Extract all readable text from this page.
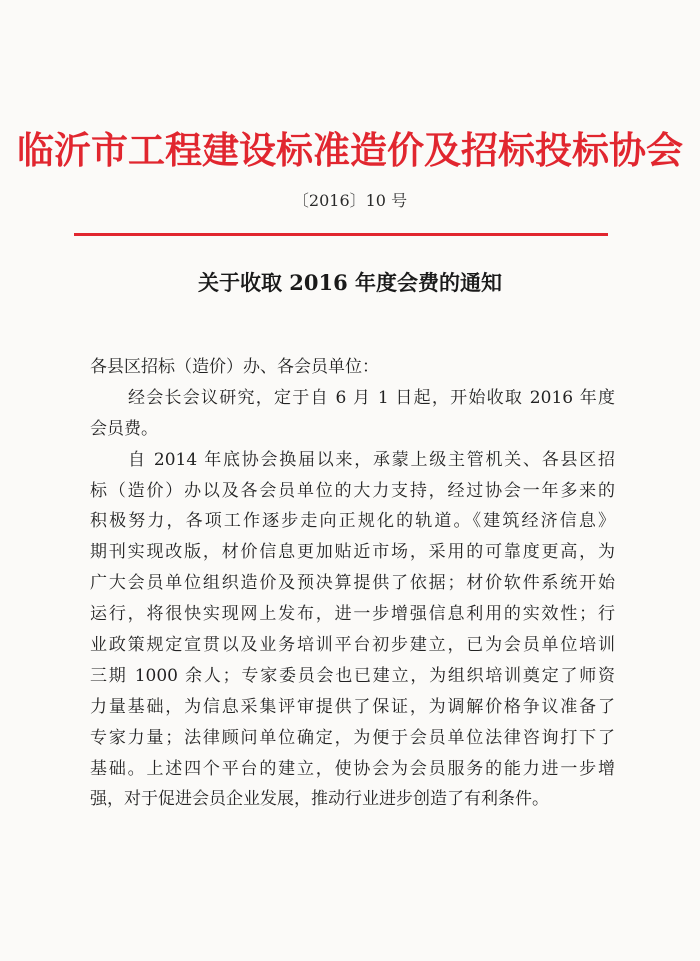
临沂市工程建设标准造价及招标投标协会
〔2016〕10 号
关于收取 2016 年度会费的通知
各县区招标（造价）办、各会员单位：
经会长会议研究，定于自 6 月 1 日起，开始收取 2016 年度
会员费。
自 2014 年底协会换届以来，承蒙上级主管机关、各县区招
标（造价）办以及各会员单位的大力支持，经过协会一年多来的
积极努力，各项工作逐步走向正规化的轨道。《建筑经济信息》
期刊实现改版，材价信息更加贴近市场，采用的可靠度更高，为
广大会员单位组织造价及预决算提供了依据；材价软件系统开始
运行，将很快实现网上发布，进一步增强信息利用的实效性；行
业政策规定宣贯以及业务培训平台初步建立，已为会员单位培训
三期 1000 余人；专家委员会也已建立，为组织培训奠定了师资
力量基础，为信息采集评审提供了保证，为调解价格争议准备了
专家力量；法律顾问单位确定，为便于会员单位法律咨询打下了
基础。上述四个平台的建立，使协会为会员服务的能力进一步增
强，对于促进会员企业发展，推动行业进步创造了有利条件。
